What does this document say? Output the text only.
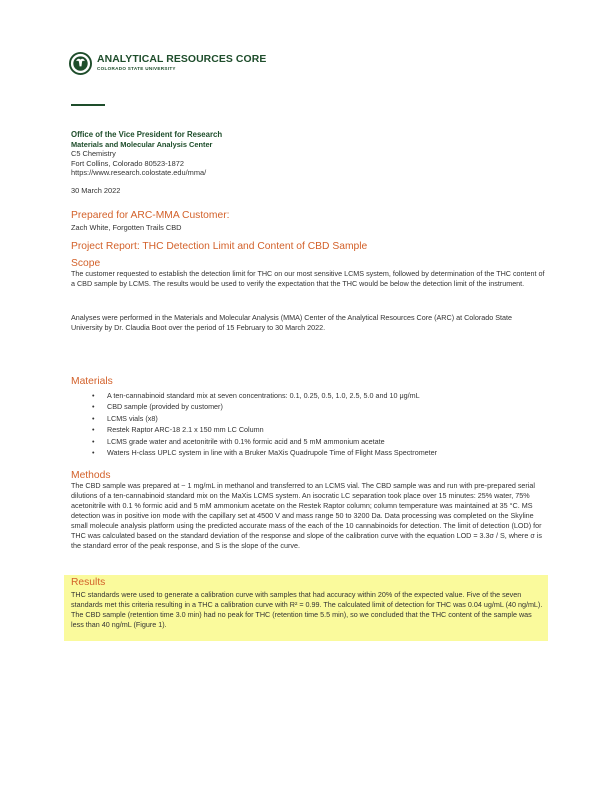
ANALYTICAL RESOURCES CORE
COLORADO STATE UNIVERSITY
Office of the Vice President for Research
Materials and Molecular Analysis Center
C5 Chemistry
Fort Collins, Colorado 80523-1872
https://www.research.colostate.edu/mma/
30 March 2022
Prepared for ARC-MMA Customer:
Zach White, Forgotten Trails CBD
Project Report: THC Detection Limit and Content of CBD Sample
Scope

The customer requested to establish the detection limit for THC on our most sensitive LCMS system, followed by determination of the THC content of a CBD sample by LCMS. The results would be used to verify the expectation that the THC would be below the detection limit of the instrument.

Analyses were performed in the Materials and Molecular Analysis (MMA) Center of the Analytical Resources Core (ARC) at Colorado State University by Dr. Claudia Boot over the period of 15 February to 30 March 2022.

Materials
• A ten-cannabinoid standard mix at seven concentrations: 0.1, 0.25, 0.5, 1.0, 2.5, 5.0 and 10 μg/mL
• CBD sample (provided by customer)
• LCMS vials (x8)
• Restek Raptor ARC-18 2.1 x 150 mm LC Column
• LCMS grade water and acetonitrile with 0.1% formic acid and 5 mM ammonium acetate
• Waters H-class UPLC system in line with a Bruker MaXis Quadrupole Time of Flight Mass Spectrometer
Methods

The CBD sample was prepared at ~ 1 mg/mL in methanol and transferred to an LCMS vial. The CBD sample was and run with pre-prepared serial dilutions of a ten-cannabinoid standard mix on the MaXis LCMS system. An isocratic LC separation took place over 15 minutes: 25% water, 75% acetonitrile with 0.1 % formic acid and 5 mM ammonium acetate on the Restek Raptor column; column temperature was maintained at 35 °C. MS detection was in positive ion mode with the capillary set at 4500 V and mass range 50 to 3200 Da. Data processing was completed on the Skyline small molecule analysis platform using the predicted accurate mass of the each of the 10 cannabinoids for detection. The limit of detection (LOD) for THC was calculated based on the standard deviation of the response and slope of the calibration curve with the equation LOD = 3.3σ / S, where σ is the standard error of the peak response, and S is the slope of the curve.

Results

THC standards were used to generate a calibration curve with samples that had accuracy within 20% of the expected value. Five of the seven standards met this criteria resulting in a THC a calibration curve with R² = 0.99. The calculated limit of detection for THC was 0.04 ug/mL (40 ng/mL). The CBD sample (retention time 3.0 min) had no peak for THC (retention time 5.5 min), so we concluded that the THC content of the sample was less than 40 ng/mL (Figure 1).
